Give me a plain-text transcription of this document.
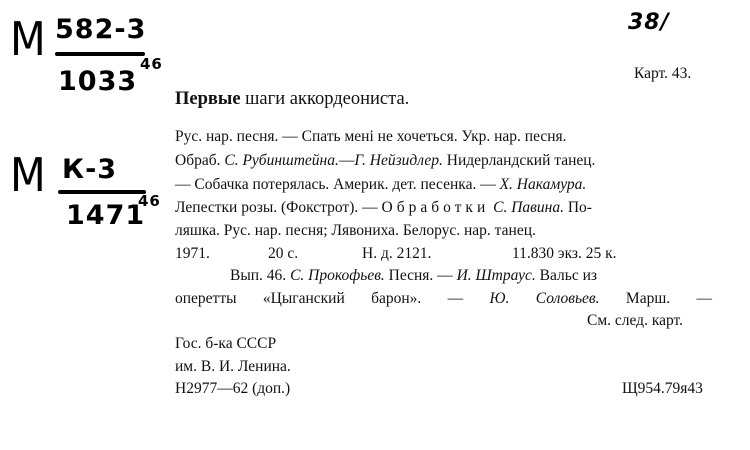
М 582-3
1033
46
М К-3
1471
46
38/
Карт. 43.
Первые шаги аккордеониста.
Рус. нар. песня. — Спать мені не хочеться. Укр. нар. песня.
Обраб. С. Рубинштейна.—Г. Нейзидлер. Нидерландский танец.
— Собачка потерялась. Америк. дет. песенка. — Х. Накамура.
Лепестки розы. (Фокстрот). — Обработки С. Павина. По-
ляшка. Рус. нар. песня; Лявониха. Белорус. нар. танец.
1971.	20 с.	Н. д. 2121.	11.830 экз. 25 к.
Вып. 46. С. Прокофьев. Песня. — И. Штраус. Вальс из
оперетты «Цыганский барон». — Ю. Соловьев. Марш. —
См. след. карт.
Гос. б-ка СССР
им. В. И. Ленина.
Н2977—62 (доп.)	Щ954.79я43
